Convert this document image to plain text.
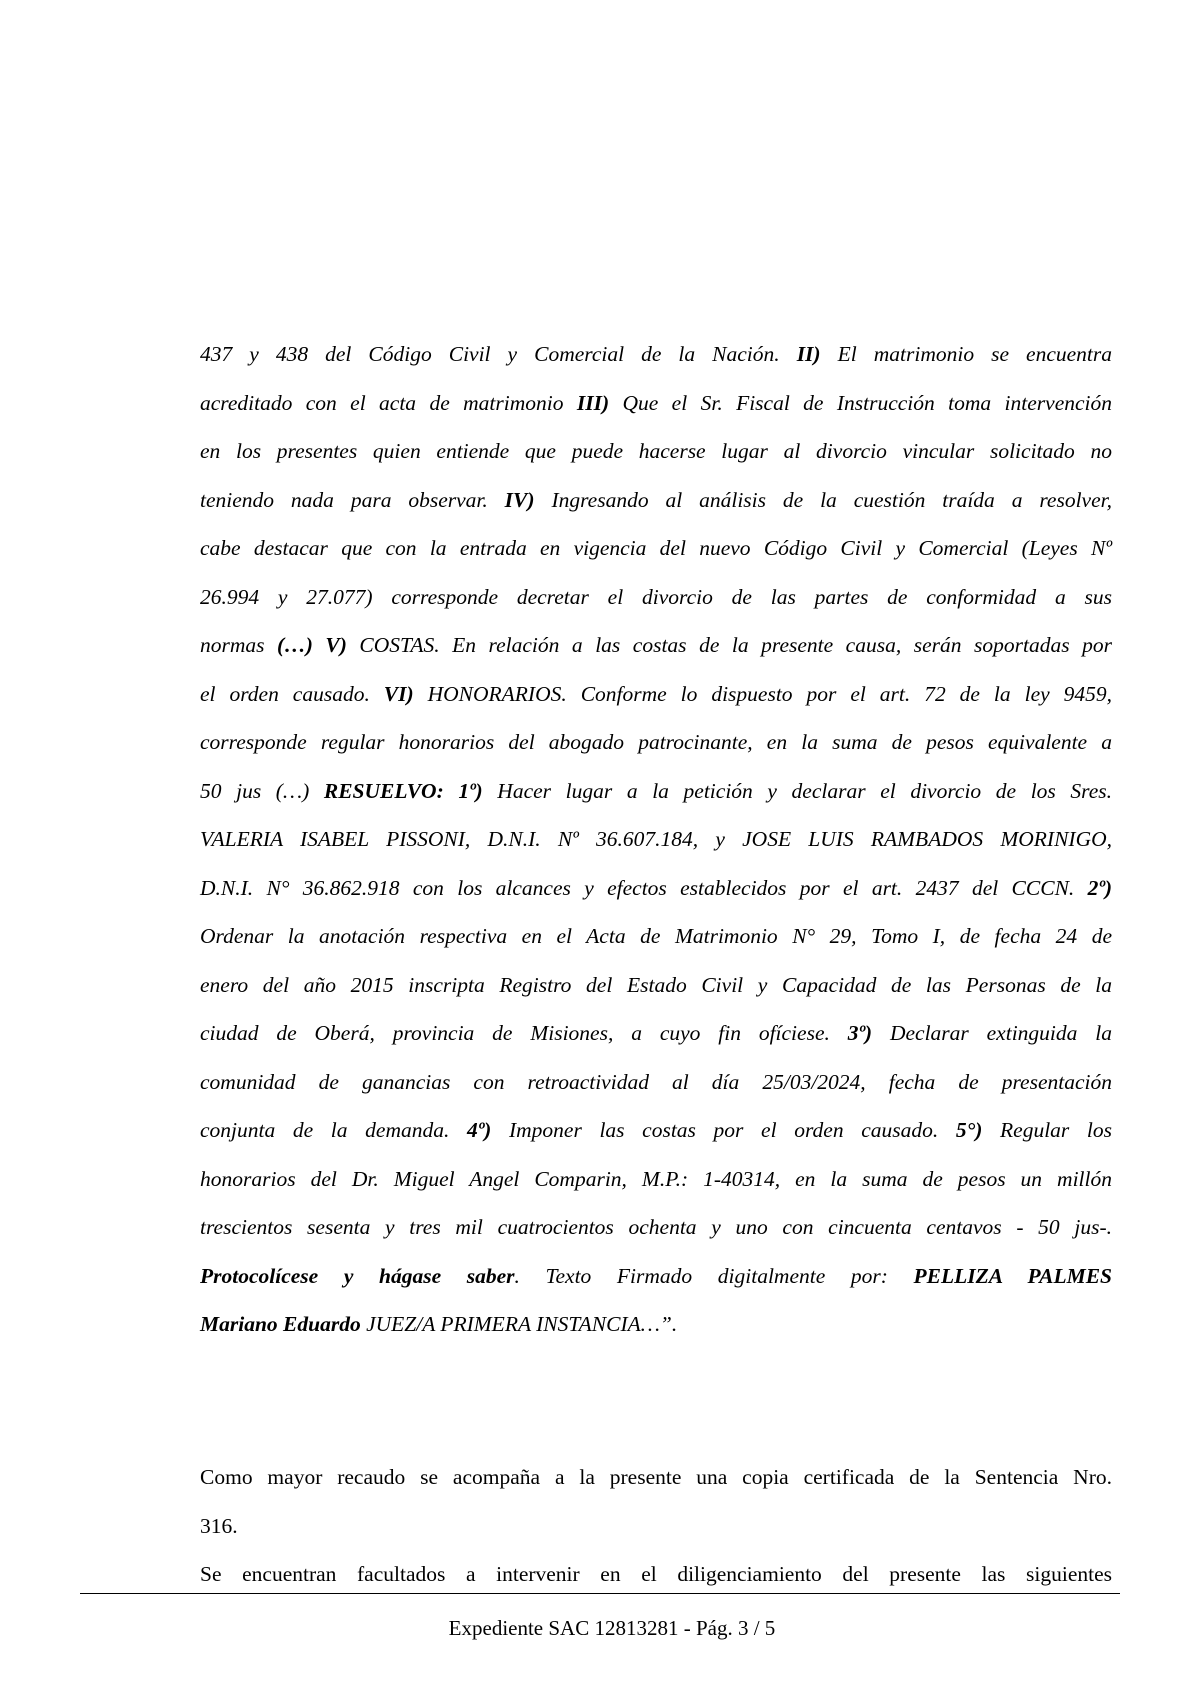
437 y 438 del Código Civil y Comercial de la Nación. II) El matrimonio se encuentra
acreditado con el acta de matrimonio III) Que el Sr. Fiscal de Instrucción toma intervención
en los presentes quien entiende que puede hacerse lugar al divorcio vincular solicitado no
teniendo nada para observar. IV) Ingresando al análisis de la cuestión traída a resolver,
cabe destacar que con la entrada en vigencia del nuevo Código Civil y Comercial (Leyes Nº
26.994 y 27.077) corresponde decretar el divorcio de las partes de conformidad a sus
normas (…) V) COSTAS. En relación a las costas de la presente causa, serán soportadas por
el orden causado. VI) HONORARIOS. Conforme lo dispuesto por el art. 72 de la ley 9459,
corresponde regular honorarios del abogado patrocinante, en la suma de pesos equivalente a
50 jus (…) RESUELVO: 1º) Hacer lugar a la petición y declarar el divorcio de los Sres.
VALERIA ISABEL PISSONI, D.N.I. Nº 36.607.184, y JOSE LUIS RAMBADOS MORINIGO,
D.N.I. N° 36.862.918 con los alcances y efectos establecidos por el art. 2437 del CCCN. 2º)
Ordenar la anotación respectiva en el Acta de Matrimonio N° 29, Tomo I, de fecha 24 de
enero del año 2015 inscripta Registro del Estado Civil y Capacidad de las Personas de la
ciudad de Oberá, provincia de Misiones, a cuyo fin ofíciese. 3º) Declarar extinguida la
comunidad de ganancias con retroactividad al día 25/03/2024, fecha de presentación
conjunta de la demanda. 4º) Imponer las costas por el orden causado. 5°) Regular los
honorarios del Dr. Miguel Angel Comparin, M.P.: 1-40314, en la suma de pesos un millón
trescientos sesenta y tres mil cuatrocientos ochenta y uno con cincuenta centavos - 50 jus-.
Protocolícese y hágase saber. Texto Firmado digitalmente por: PELLIZA PALMES
Mariano Eduardo JUEZ/A PRIMERA INSTANCIA…”.
Como mayor recaudo se acompaña a la presente una copia certificada de la Sentencia Nro.
316.
Se encuentran facultados a intervenir en el diligenciamiento del presente las siguientes
Expediente SAC 12813281 - Pág. 3 / 5
